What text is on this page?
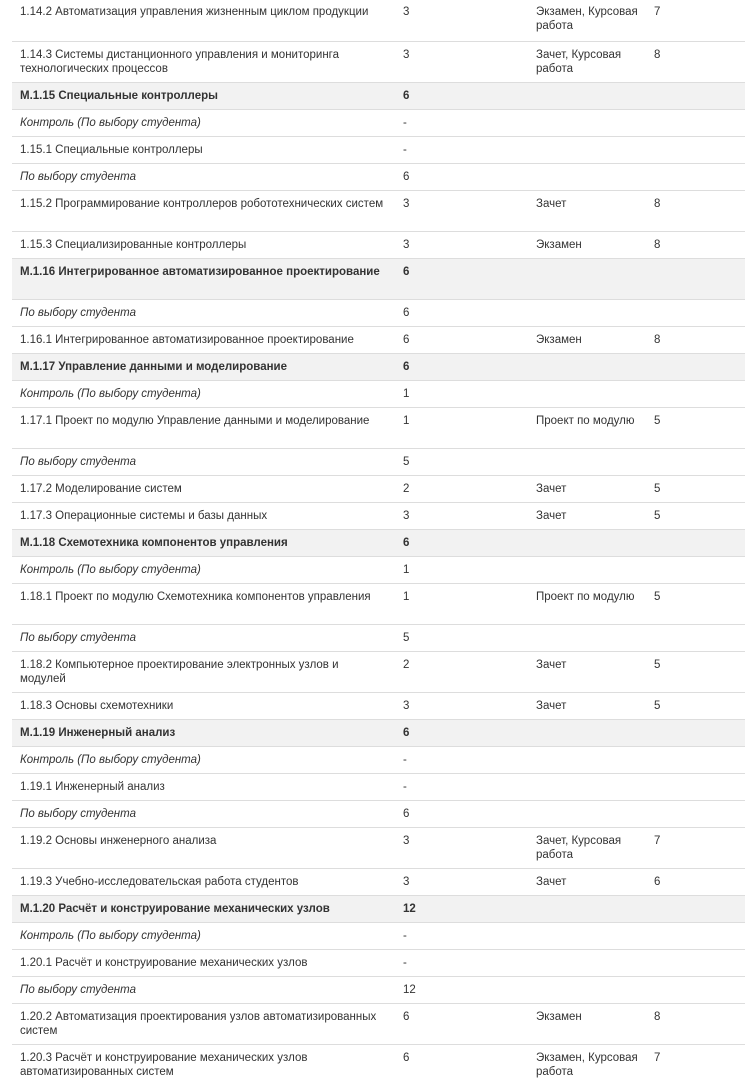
1.14.2 Автоматизация управления жизненным циклом продукции	3	Экзамен, Курсовая работа	7
1.14.3 Системы дистанционного управления и мониторинга технологических процессов	3	Зачет, Курсовая работа	8
М.1.15 Специальные контроллеры	6		
Контроль (По выбору студента)	-		
1.15.1 Специальные контроллеры	-		
По выбору студента	6		
1.15.2 Программирование контроллеров робототехнических систем	3	Зачет	8
1.15.3 Специализированные контроллеры	3	Экзамен	8
М.1.16 Интегрированное автоматизированное проектирование	6		
По выбору студента	6		
1.16.1 Интегрированное автоматизированное проектирование	6	Экзамен	8
М.1.17 Управление данными и моделирование	6		
Контроль (По выбору студента)	1		
1.17.1 Проект по модулю Управление данными и моделирование	1	Проект по модулю	5
По выбору студента	5		
1.17.2 Моделирование систем	2	Зачет	5
1.17.3 Операционные системы и базы данных	3	Зачет	5
М.1.18 Схемотехника компонентов управления	6		
Контроль (По выбору студента)	1		
1.18.1 Проект по модулю Схемотехника компонентов управления	1	Проект по модулю	5
По выбору студента	5		
1.18.2 Компьютерное проектирование электронных узлов и модулей	2	Зачет	5
1.18.3 Основы схемотехники	3	Зачет	5
М.1.19 Инженерный анализ	6		
Контроль (По выбору студента)	-		
1.19.1 Инженерный анализ	-		
По выбору студента	6		
1.19.2 Основы инженерного анализа	3	Зачет, Курсовая работа	7
1.19.3 Учебно-исследовательская работа студентов	3	Зачет	6
М.1.20 Расчёт и конструирование механических узлов	12		
Контроль (По выбору студента)	-		
1.20.1 Расчёт и конструирование механических узлов	-		
По выбору студента	12		
1.20.2 Автоматизация проектирования узлов автоматизированных систем	6	Экзамен	8
1.20.3 Расчёт и конструирование механических узлов автоматизированных систем	6	Экзамен, Курсовая работа	7
